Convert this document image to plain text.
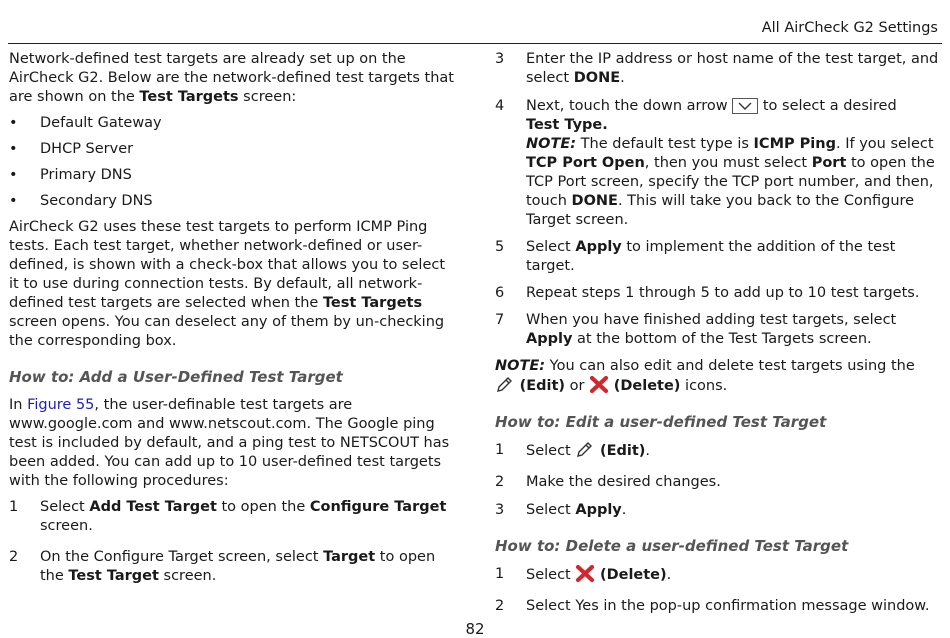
All AirCheck G2 Settings

Network-defined test targets are already set up on the AirCheck G2. Below are the network-defined test targets that are shown on the Test Targets screen:

• Default Gateway
• DHCP Server
• Primary DNS
• Secondary DNS

AirCheck G2 uses these test targets to perform ICMP Ping tests. Each test target, whether network-defined or user-defined, is shown with a check-box that allows you to select it to use during connection tests. By default, all network-defined test targets are selected when the Test Targets screen opens. You can deselect any of them by un-checking the corresponding box.

How to: Add a User-Defined Test Target

In Figure 55, the user-definable test targets are www.google.com and www.netscout.com. The Google ping test is included by default, and a ping test to NETSCOUT has been added. You can add up to 10 user-defined test targets with the following procedures:

1 Select Add Test Target to open the Configure Target screen.
2 On the Configure Target screen, select Target to open the Test Target screen.
3 Enter the IP address or host name of the test target, and select DONE.
4 Next, touch the down arrow
to select a desired
Test Type.
NOTE: The default test type is ICMP Ping. If you select TCP Port Open, then you must select Port to open the TCP Port screen, specify the TCP port number, and then, touch DONE. This will take you back to the Configure Target screen.
5 Select Apply to implement the addition of the test target.
6 Repeat steps 1 through 5 to add up to 10 test targets.
7 When you have finished adding test targets, select Apply at the bottom of the Test Targets screen.

NOTE: You can also edit and delete test targets using the
(Edit) or  (Delete) icons.

How to: Edit a user-defined Test Target

1 Select  (Edit).
2 Make the desired changes.
3 Select Apply.

How to: Delete a user-defined Test Target

1 Select  (Delete).
2 Select Yes in the pop-up confirmation message window.
82
